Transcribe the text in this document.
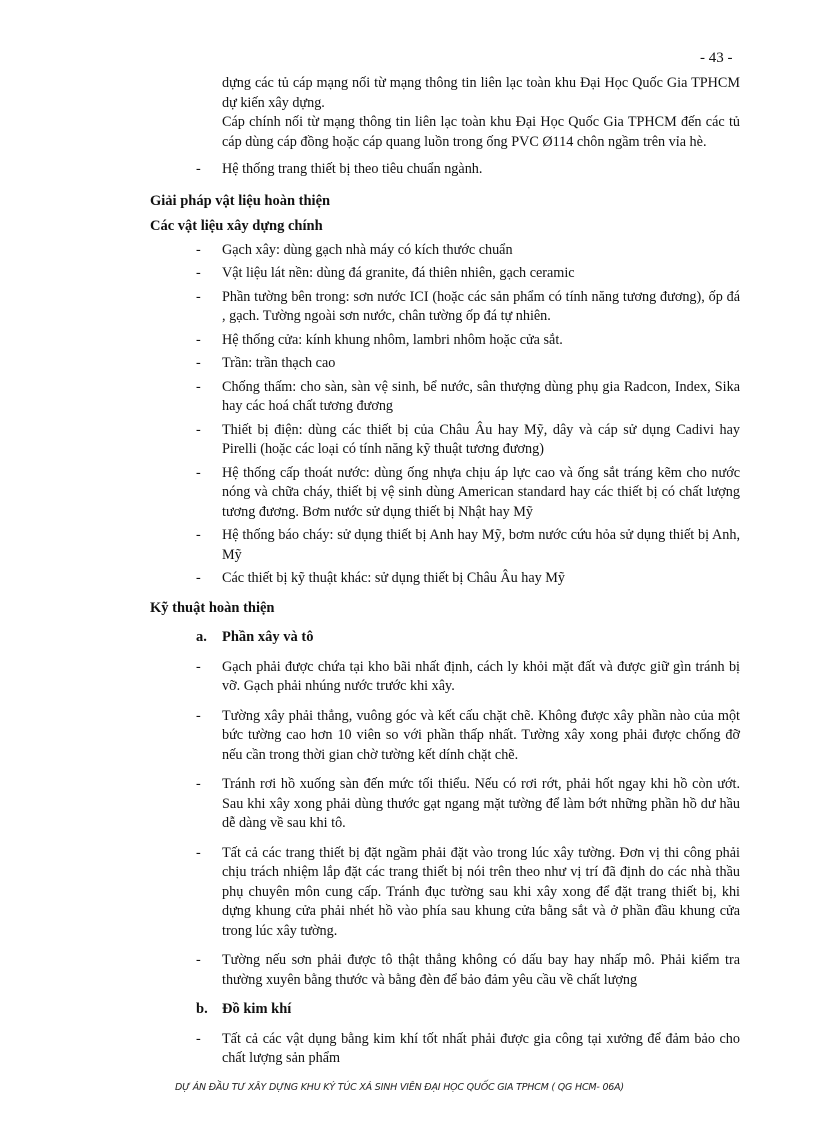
- 43 -

dựng các tủ cáp mạng nối từ mạng thông tin liên lạc toàn khu Đại Học Quốc Gia TPHCM dự kiến xây dựng.

Cáp chính nối từ mạng thông tin liên lạc toàn khu Đại Học Quốc Gia TPHCM đến các tủ cáp dùng cáp đồng hoặc cáp quang luồn trong ống PVC Ø114 chôn ngầm trên vỉa hè.

- Hệ thống trang thiết bị theo tiêu chuẩn ngành.
Giải pháp vật liệu hoàn thiện
Các vật liệu xây dựng chính
- Gạch xây: dùng gạch nhà máy có kích thước chuẩn
- Vật liệu lát nền: dùng đá granite, đá thiên nhiên, gạch ceramic
- Phần tường bên trong: sơn nước ICI (hoặc các sản phẩm có tính năng tương đương), ốp đá , gạch. Tường ngoài sơn nước, chân tường ốp đá tự nhiên.
- Hệ thống cửa: kính khung nhôm, lambri nhôm hoặc cửa sắt.
- Trần: trần thạch cao
- Chống thấm: cho sàn, sàn vệ sinh, bể nước, sân thượng dùng phụ gia Radcon, Index, Sika hay các hoá chất tương đương
- Thiết bị điện: dùng các thiết bị của Châu Âu hay Mỹ, dây và cáp sử dụng Cadivi hay Pirelli (hoặc các loại có tính năng kỹ thuật tương đương)
- Hệ thống cấp thoát nước: dùng ống nhựa chịu áp lực cao và ống sắt tráng kẽm cho nước nóng và chữa cháy, thiết bị vệ sinh dùng American standard hay các thiết bị có chất lượng tương đương. Bơm nước sử dụng thiết bị Nhật hay Mỹ
- Hệ thống báo cháy: sử dụng thiết bị Anh hay Mỹ, bơm nước cứu hỏa sử dụng thiết bị Anh, Mỹ
- Các thiết bị kỹ thuật khác: sử dụng thiết bị Châu Âu hay Mỹ
Kỹ thuật hoàn thiện
a. Phần xây và tô
- Gạch phải được chứa tại kho bãi nhất định, cách ly khỏi mặt đất và được giữ gìn tránh bị vỡ. Gạch phải nhúng nước trước khi xây.
- Tường xây phải thẳng, vuông góc và kết cấu chặt chẽ. Không được xây phần nào của một bức tường cao hơn 10 viên so với phần thấp nhất. Tường xây xong phải được chống đỡ nếu cần trong thời gian chờ tường kết dính chặt chẽ.
- Tránh rơi hồ xuống sàn đến mức tối thiểu. Nếu có rơi rớt, phải hốt ngay khi hồ còn ướt. Sau khi xây xong phải dùng thước gạt ngang mặt tường để làm bớt những phần hồ dư hầu dễ dàng về sau khi tô.
- Tất cả các trang thiết bị đặt ngầm phải đặt vào trong lúc xây tường. Đơn vị thi công phải chịu trách nhiệm lắp đặt các trang thiết bị nói trên theo như vị trí đã định do các nhà thầu phụ chuyên môn cung cấp. Tránh đục tường sau khi xây xong để đặt trang thiết bị, khi dựng khung cửa phải nhét hồ vào phía sau khung cửa bằng sắt và ở phần đầu khung cửa trong lúc xây tường.
- Tường nếu sơn phải được tô thật thẳng không có dấu bay hay nhấp mô. Phải kiểm tra thường xuyên bằng thước và bằng đèn để bảo đảm yêu cầu về chất lượng
b. Đồ kim khí
- Tất cả các vật dụng bằng kim khí tốt nhất phải được gia công tại xưởng để đảm bảo cho chất lượng sản phẩm
DỰ ÁN ĐẦU TƯ XÂY DỰNG KHU KÝ TÚC XÁ SINH VIÊN ĐẠI HỌC QUỐC GIA TPHCM ( QG HCM- 06A)
